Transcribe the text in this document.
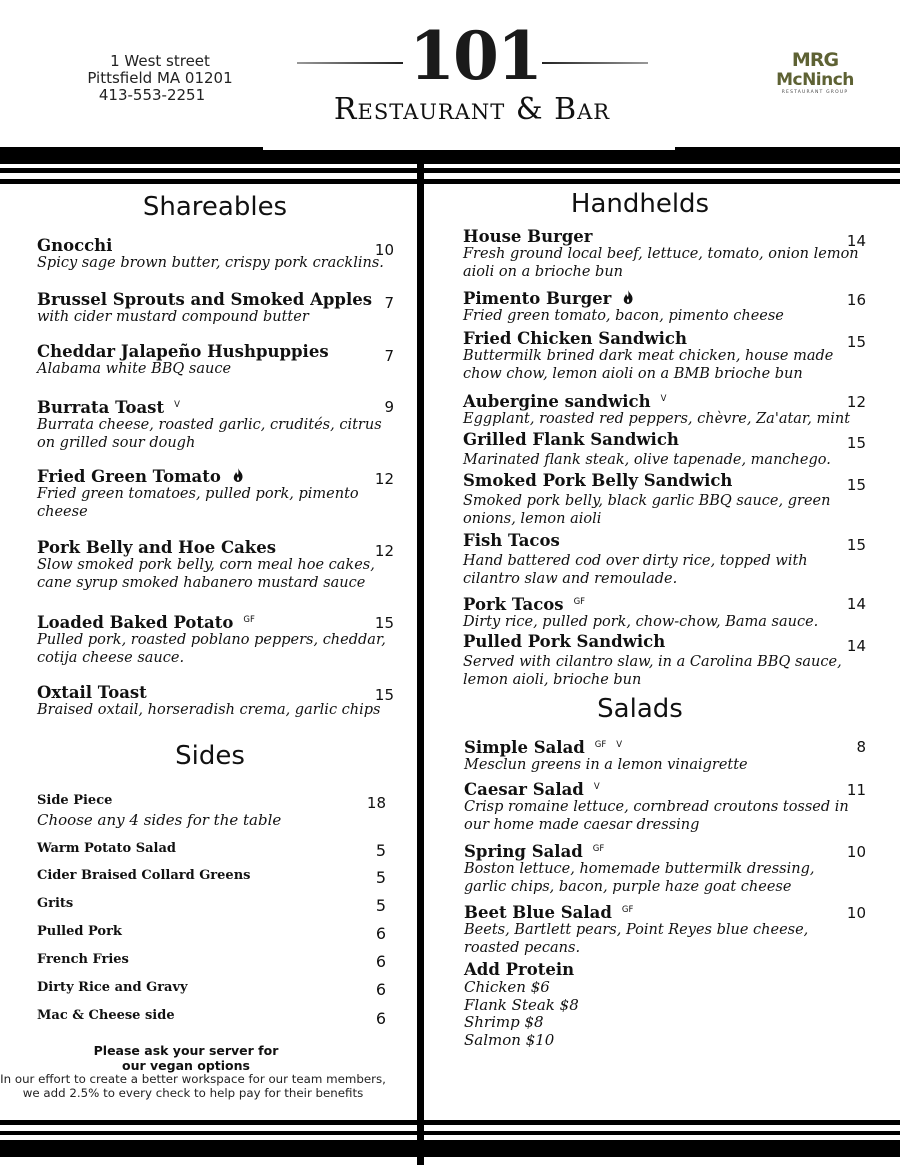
1 West street
Pittsfield MA 01201
413-553-2251	101
Restaurant & Bar
MRG
McNinch
RESTAURANT GROUP
Shareables
Gnocchi
Spicy sage brown butter, crispy pork cracklins.
10
Brussel Sprouts and Smoked Apples
with cider mustard compound butter
7
Cheddar Jalapeño Hushpuppies
Alabama white BBQ sauce
7
Burrata Toast $^V$
Burrata cheese, roasted garlic, crudités, citrus on grilled sour dough
9
Fried Green Tomato
Fried green tomatoes, pulled pork, pimento cheese
12
Pork Belly and Hoe Cakes
Slow smoked pork belly, corn meal hoe cakes, cane syrup smoked habanero mustard sauce
12
Loaded Baked Potato $^{GF}$
Pulled pork, roasted poblano peppers, cheddar, cotija cheese sauce.
15
Oxtail Toast
Braised oxtail, horseradish crema, garlic chips
15
Sides
Side Piece
Choose any 4 sides for the table
18
Warm Potato Salad	5
Cider Braised Collard Greens	5
Grits	5
Pulled Pork	6
French Fries	6
Dirty Rice and Gravy	6
Mac & Cheese side	6
Please ask your server for
our vegan options
In our effort to create a better workspace for our team members,
we add 2.5% to every check to help pay for their benefits
Handhelds
House Burger
Fresh ground local beef, lettuce, tomato, onion lemon aioli on a brioche bun
14
Pimento Burger
Fried green tomato, bacon, pimento cheese
16
Fried Chicken Sandwich
Buttermilk brined dark meat chicken, house made chow chow, lemon aioli on a BMB brioche bun
15
Aubergine sandwich $^V$
Eggplant, roasted red peppers, chèvre, Za'atar, mint
12
Grilled Flank Sandwich
Marinated flank steak, olive tapenade, manchego.
15
Smoked Pork Belly Sandwich
Smoked pork belly, black garlic BBQ sauce, green onions, lemon aioli
15
Fish Tacos
Hand battered cod over dirty rice, topped with cilantro slaw and remoulade.
15
Pork Tacos $^{GF}$
Dirty rice, pulled pork, chow-chow, Bama sauce.
14
Pulled Pork Sandwich
Served with cilantro slaw, in a Carolina BBQ sauce, lemon aioli, brioche bun
14
Salads
Simple Salad $^{GF}$ $^V$
Mesclun greens in a lemon vinaigrette
8
Caesar Salad $^V$
Crisp romaine lettuce, cornbread croutons tossed in our home made caesar dressing
11
Spring Salad $^{GF}$
Boston lettuce, homemade buttermilk dressing, garlic chips, bacon, purple haze goat cheese
10
Beet Blue Salad $^{GF}$
Beets, Bartlett pears, Point Reyes blue cheese, roasted pecans.
10
Add Protein
Chicken $6
Flank Steak $8
Shrimp $8
Salmon $10
